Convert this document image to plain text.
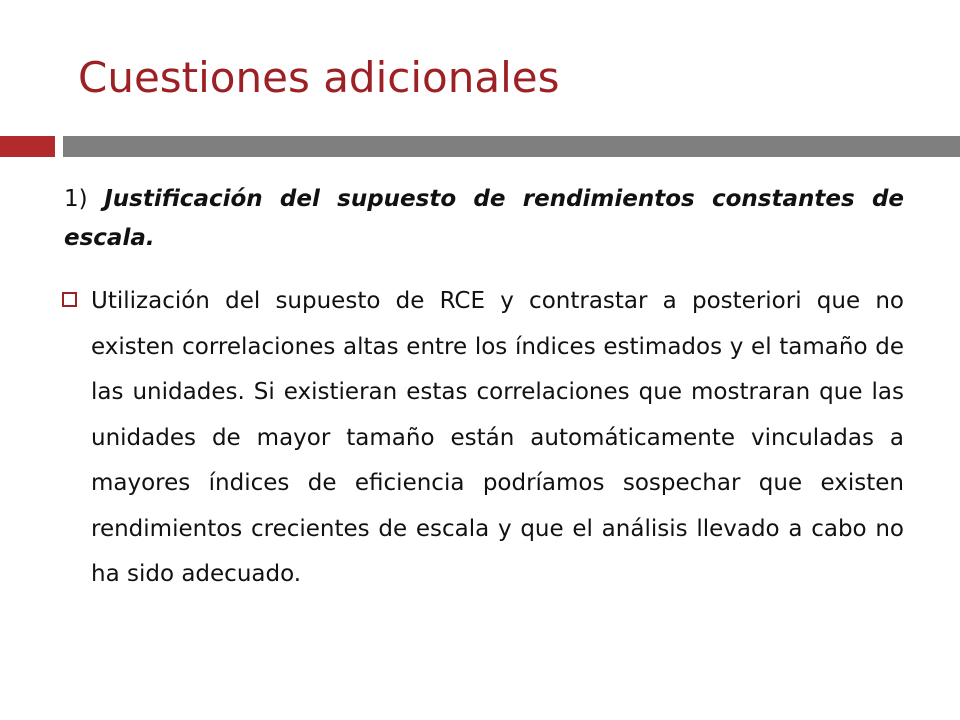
Cuestiones adicionales

1) Justificación del supuesto de rendimientos constantes de escala.

Utilización del supuesto de RCE y contrastar a posteriori que no existen correlaciones altas entre los índices estimados y el tamaño de las unidades. Si existieran estas correlaciones que mostraran que las unidades de mayor tamaño están automáticamente vinculadas a mayores índices de eficiencia podríamos sospechar que existen rendimientos crecientes de escala y que el análisis llevado a cabo no ha sido adecuado.
